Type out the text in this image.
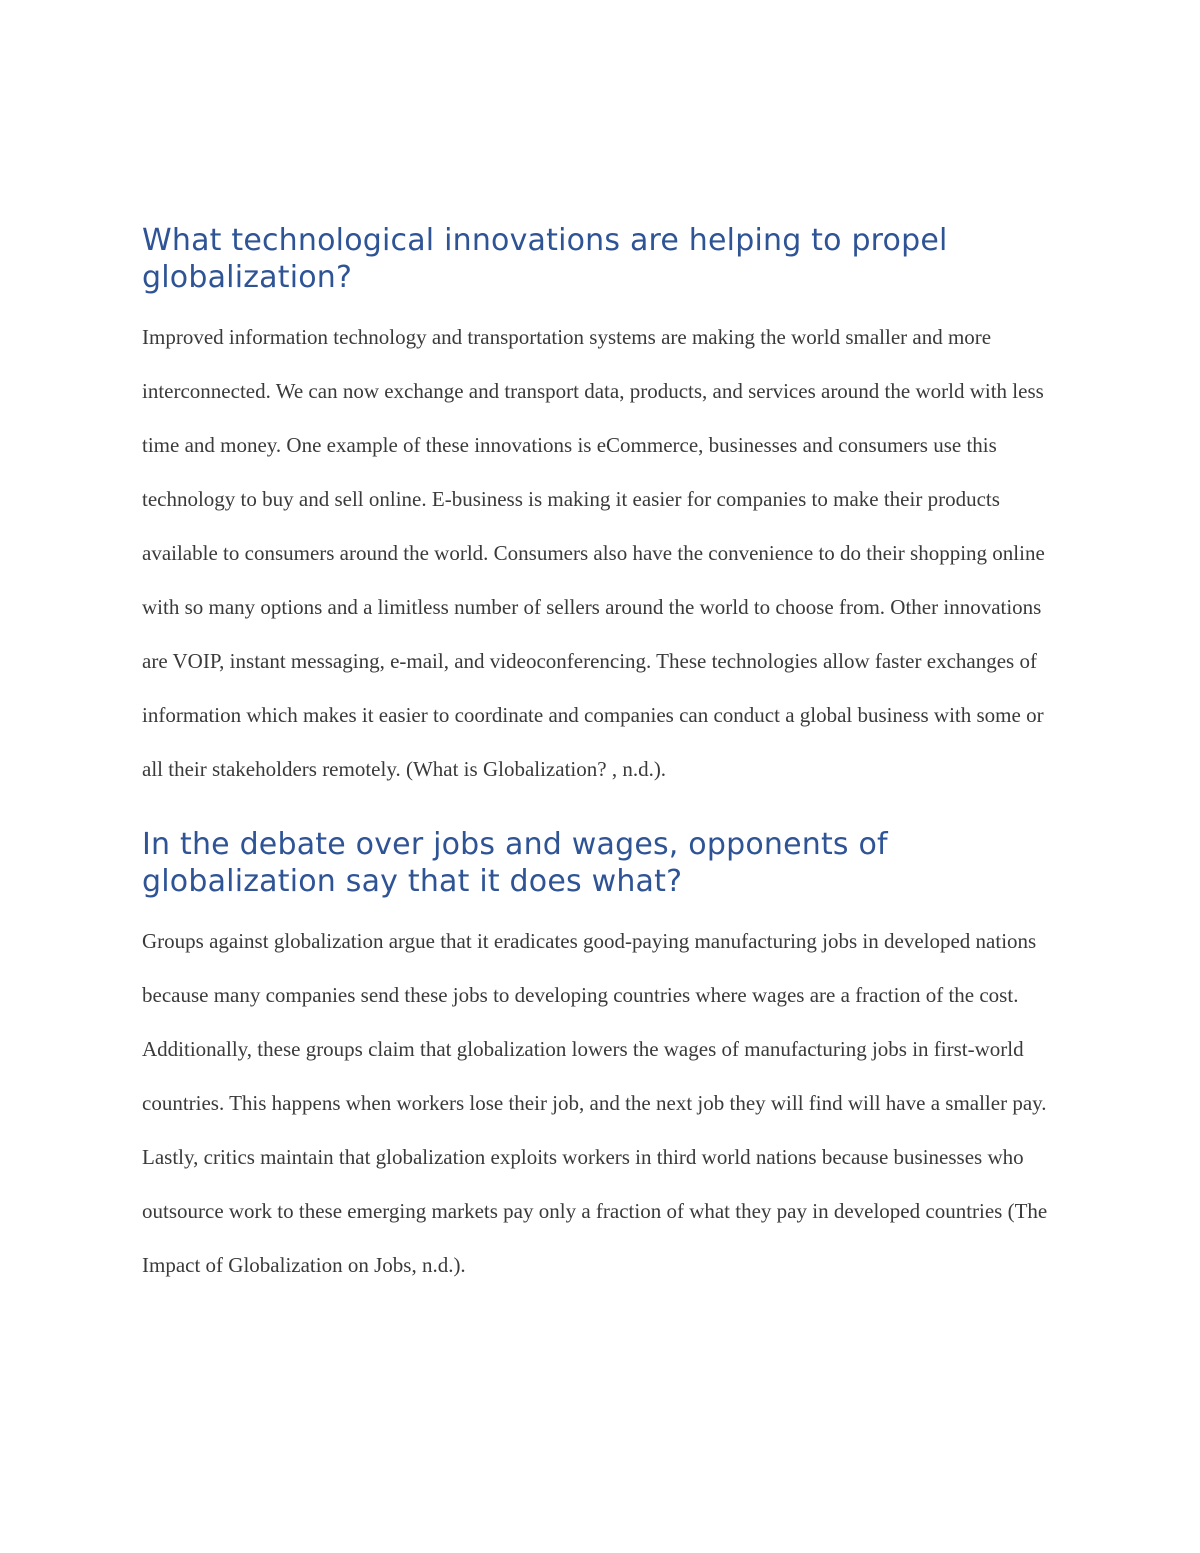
What technological innovations are helping to propel globalization?

Improved information technology and transportation systems are making the world smaller and more interconnected. We can now exchange and transport data, products, and services around the world with less time and money. One example of these innovations is eCommerce, businesses and consumers use this technology to buy and sell online. E-business is making it easier for companies to make their products available to consumers around the world. Consumers also have the convenience to do their shopping online with so many options and a limitless number of sellers around the world to choose from. Other innovations are VOIP, instant messaging, e-mail, and videoconferencing. These technologies allow faster exchanges of information which makes it easier to coordinate and companies can conduct a global business with some or all their stakeholders remotely. (What is Globalization? , n.d.).

In the debate over jobs and wages, opponents of globalization say that it does what?

Groups against globalization argue that it eradicates good-paying manufacturing jobs in developed nations because many companies send these jobs to developing countries where wages are a fraction of the cost. Additionally, these groups claim that globalization lowers the wages of manufacturing jobs in first-world countries. This happens when workers lose their job, and the next job they will find will have a smaller pay. Lastly, critics maintain that globalization exploits workers in third world nations because businesses who outsource work to these emerging markets pay only a fraction of what they pay in developed countries (The Impact of Globalization on Jobs, n.d.).
